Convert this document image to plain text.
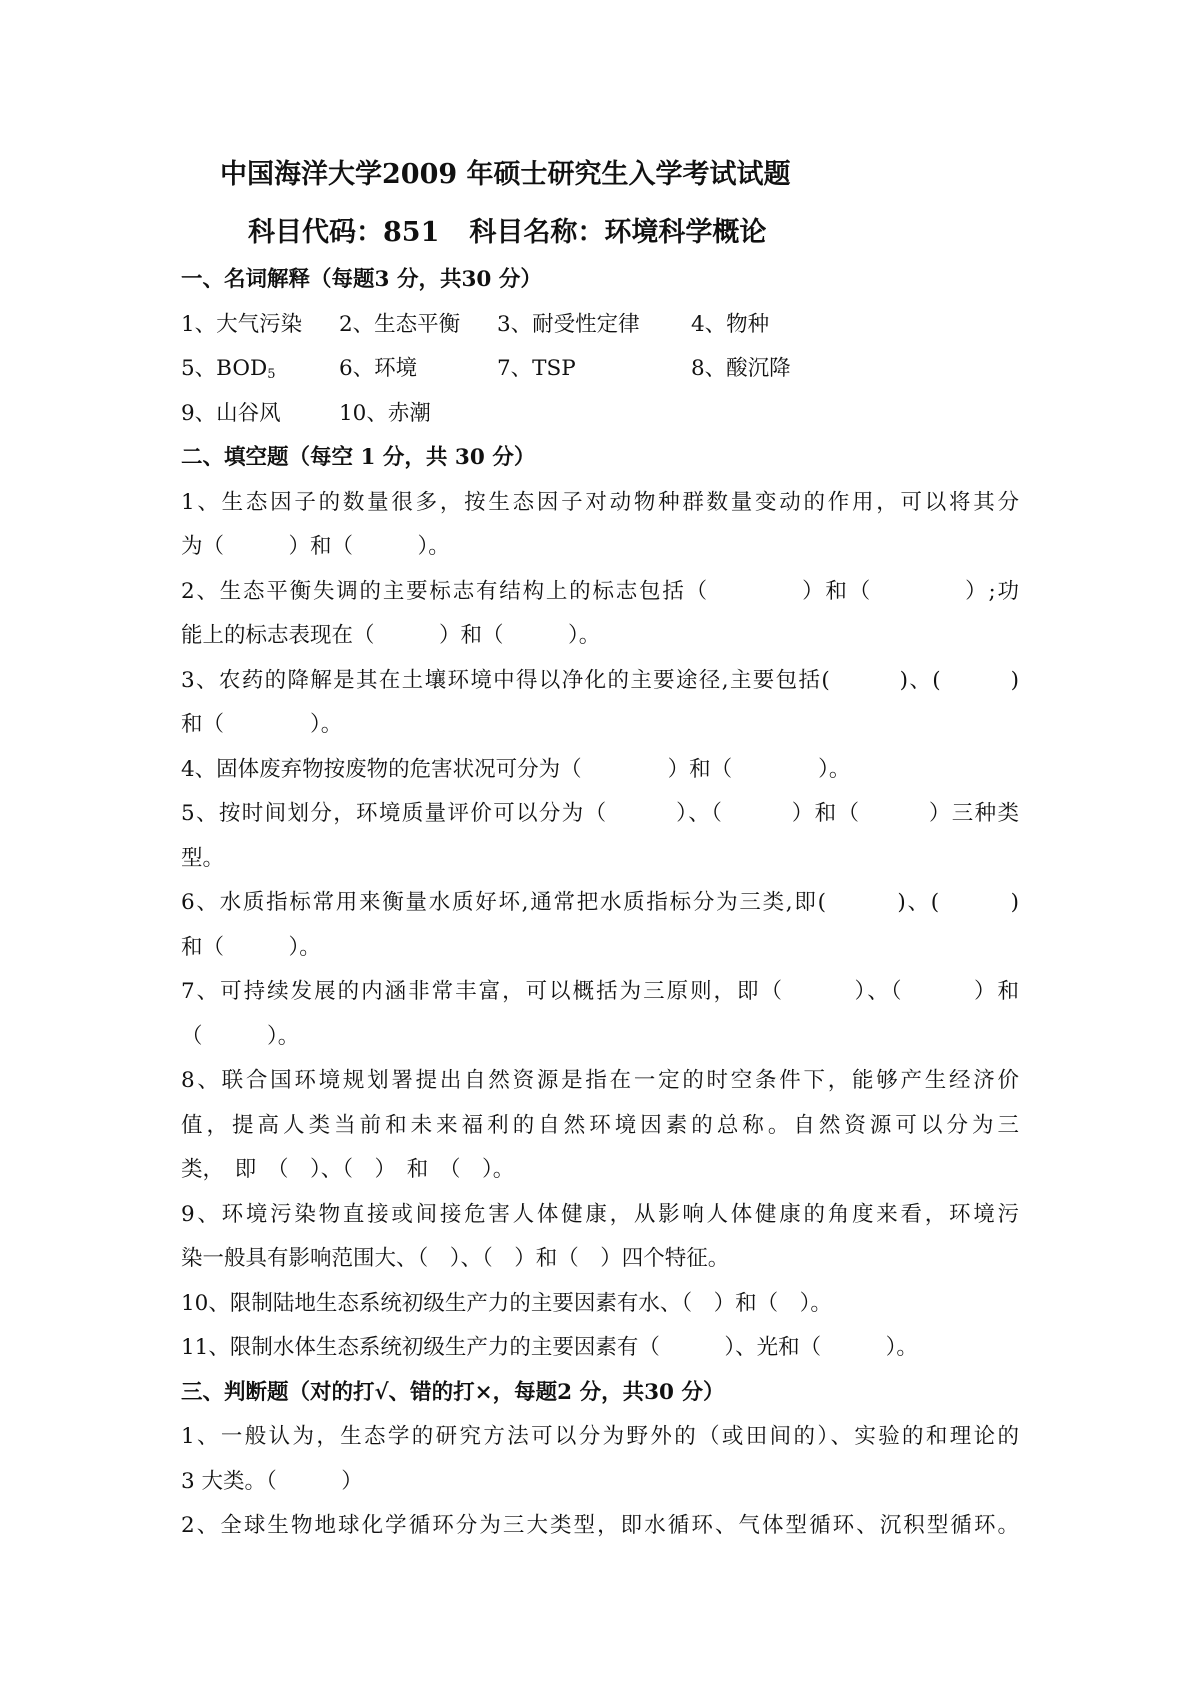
中国海洋大学2009 年硕士研究生入学考试试题
科目代码：851 科目名称：环境科学概论
一、名词解释（每题3 分，共30 分）
1、大气污染 2、生态平衡 3、耐受性定律 4、物种
5、$BOD_5$	6、环境	7、TSP	8、酸沉降
9、山谷风	10、赤潮
二、填空题（每空 1 分，共 30 分）
1、生态因子的数量很多，按生态因子对动物种群数量变动的作用，可以将其分
为（　　　）和（　　　）。
2、生态平衡失调的主要标志有结构上的标志包括（　　　　）和（　　　　）;功
能上的标志表现在（　　　）和（　　　）。
3、农药的降解是其在土壤环境中得以净化的主要途径,主要包括(　　　)、(　　　)
和（　　　　）。
4、固体废弃物按废物的危害状况可分为（　　　　）和（　　　　）。
5、按时间划分，环境质量评价可以分为（　　　）、（　　　）和（　　　）三种类
型。
6、水质指标常用来衡量水质好坏,通常把水质指标分为三类,即(　　　)、(　　　)
和（　　　）。
7、可持续发展的内涵非常丰富，可以概括为三原则，即（　　　）、（　　　）和
（　　　）。
8、联合国环境规划署提出自然资源是指在一定的时空条件下，能够产生经济价
值，提高人类当前和未来福利的自然环境因素的总称。自然资源可以分为三
类，　即　（　）、（　）　和　（　）。
9、环境污染物直接或间接危害人体健康，从影响人体健康的角度来看，环境污
染一般具有影响范围大、（　）、（　）和（　）四个特征。
10、限制陆地生态系统初级生产力的主要因素有水、（　）和（　）。
11、限制水体生态系统初级生产力的主要因素有（　　　）、光和（　　　）。
三、判断题（对的打√、错的打×，每题2 分，共30 分）
1、一般认为，生态学的研究方法可以分为野外的（或田间的）、实验的和理论的
3 大类。（　　　）
2、全球生物地球化学循环分为三大类型，即水循环、气体型循环、沉积型循环。
